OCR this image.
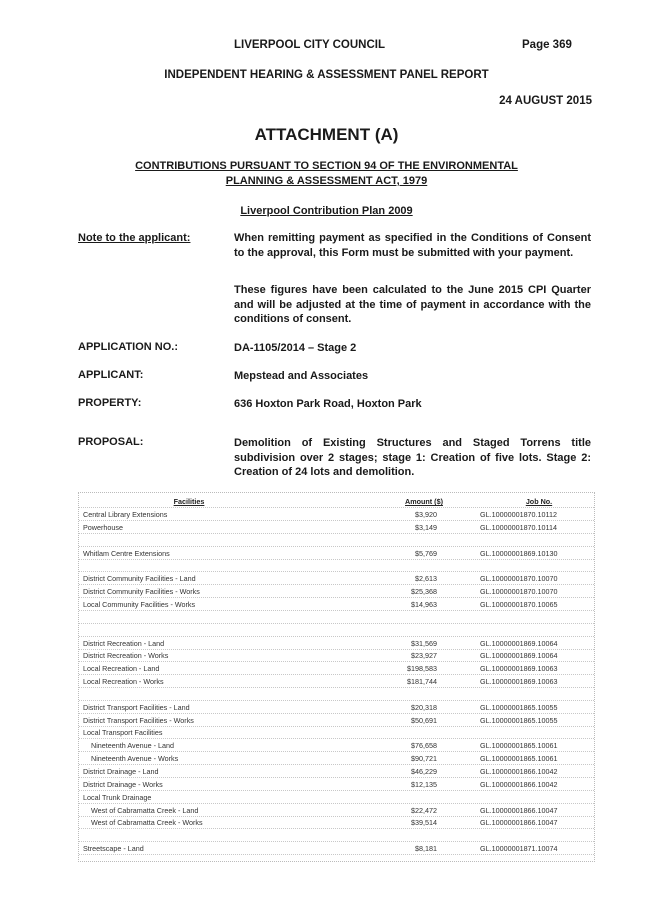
LIVERPOOL CITY COUNCIL	Page 369
INDEPENDENT HEARING & ASSESSMENT PANEL REPORT
24 AUGUST 2015
ATTACHMENT (A)
CONTRIBUTIONS PURSUANT TO SECTION 94 OF THE ENVIRONMENTAL
PLANNING & ASSESSMENT ACT, 1979
Liverpool Contribution Plan 2009
Note to the applicant:	When remitting payment as specified in the Conditions of Consent to the approval, this Form must be submitted with your payment.
These figures have been calculated to the June 2015 CPI Quarter and will be adjusted at the time of payment in accordance with the conditions of consent.
APPLICATION NO.:	DA-1105/2014 – Stage 2
APPLICANT:	Mepstead and Associates
PROPERTY:	636 Hoxton Park Road, Hoxton Park
PROPOSAL:	Demolition of Existing Structures and Staged Torrens title subdivision over 2 stages; stage 1: Creation of five lots. Stage 2: Creation of 24 lots and demolition.
Facilities	Amount ($)	Job No.
Central Library Extensions	$3,920	GL.10000001870.10112
Powerhouse	$3,149	GL.10000001870.10114
Whitlam Centre Extensions	$5,769	GL.10000001869.10130
District Community Facilities - Land	$2,613	GL.10000001870.10070
District Community Facilities - Works	$25,368	GL.10000001870.10070
Local Community Facilities - Works	$14,963	GL.10000001870.10065
District Recreation - Land	$31,569	GL.10000001869.10064
District Recreation - Works	$23,927	GL.10000001869.10064
Local Recreation - Land	$198,583	GL.10000001869.10063
Local Recreation - Works	$181,744	GL.10000001869.10063
District Transport Facilities - Land	$20,318	GL.10000001865.10055
District Transport Facilities - Works	$50,691	GL.10000001865.10055
Local Transport Facilities
Nineteenth Avenue - Land	$76,658	GL.10000001865.10061
Nineteenth Avenue - Works	$90,721	GL.10000001865.10061
District Drainage - Land	$46,229	GL.10000001866.10042
District Drainage - Works	$12,135	GL.10000001866.10042
Local Trunk Drainage
West of Cabramatta Creek - Land	$22,472	GL.10000001866.10047
West of Cabramatta Creek - Works	$39,514	GL.10000001866.10047
Streetscape - Land	$8,181	GL.10000001871.10074
